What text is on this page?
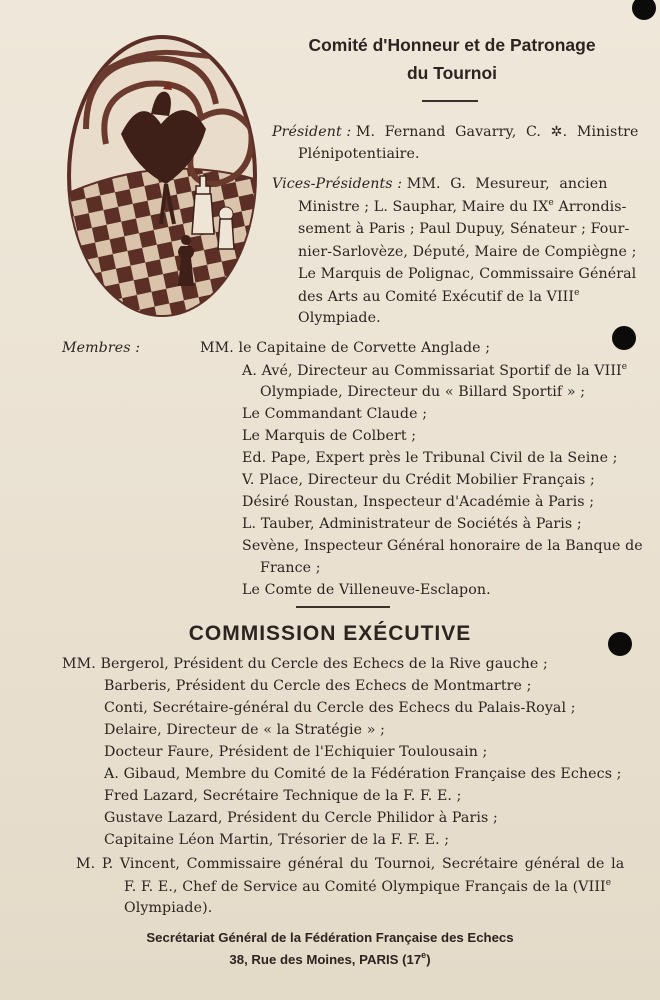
Comité d'Honneur et de Patronage
du Tournoi
Président : M. Fernand Gavarry, C. ✲. Ministre
Plénipotentiaire.
Vices-Présidents : MM. G. Mesureur, ancien
Ministre ; L. Sauphar, Maire du IXe Arrondis-
sement à Paris ; Paul Dupuy, Sénateur ; Four-
nier-Sarlovèze, Député, Maire de Compiègne ;
Le Marquis de Polignac, Commissaire Général
des Arts au Comité Exécutif de la VIIIe
Olympiade.
Membres :	MM. le Capitaine de Corvette Anglade ;
A. Avé, Directeur au Commissariat Sportif de la VIIIe
Olympiade, Directeur du « Billard Sportif » ;
Le Commandant Claude ;
Le Marquis de Colbert ;
Ed. Pape, Expert près le Tribunal Civil de la Seine ;
V. Place, Directeur du Crédit Mobilier Français ;
Désiré Roustan, Inspecteur d'Académie à Paris ;
L. Tauber, Administrateur de Sociétés à Paris ;
Sevène, Inspecteur Général honoraire de la Banque de
France ;
Le Comte de Villeneuve-Esclapon.
COMMISSION EXÉCUTIVE
MM. Bergerol, Président du Cercle des Echecs de la Rive gauche ;
Barberis, Président du Cercle des Echecs de Montmartre ;
Conti, Secrétaire-général du Cercle des Echecs du Palais-Royal ;
Delaire, Directeur de « la Stratégie » ;
Docteur Faure, Président de l'Echiquier Toulousain ;
A. Gibaud, Membre du Comité de la Fédération Française des Echecs ;
Fred Lazard, Secrétaire Technique de la F. F. E. ;
Gustave Lazard, Président du Cercle Philidor à Paris ;
Capitaine Léon Martin, Trésorier de la F. F. E. ;
M. P. Vincent, Commissaire général du Tournoi, Secrétaire général de la
F. F. E., Chef de Service au Comité Olympique Français de la (VIIIe
Olympiade).
Secrétariat Général de la Fédération Française des Echecs
38, Rue des Moines, PARIS (17e)
